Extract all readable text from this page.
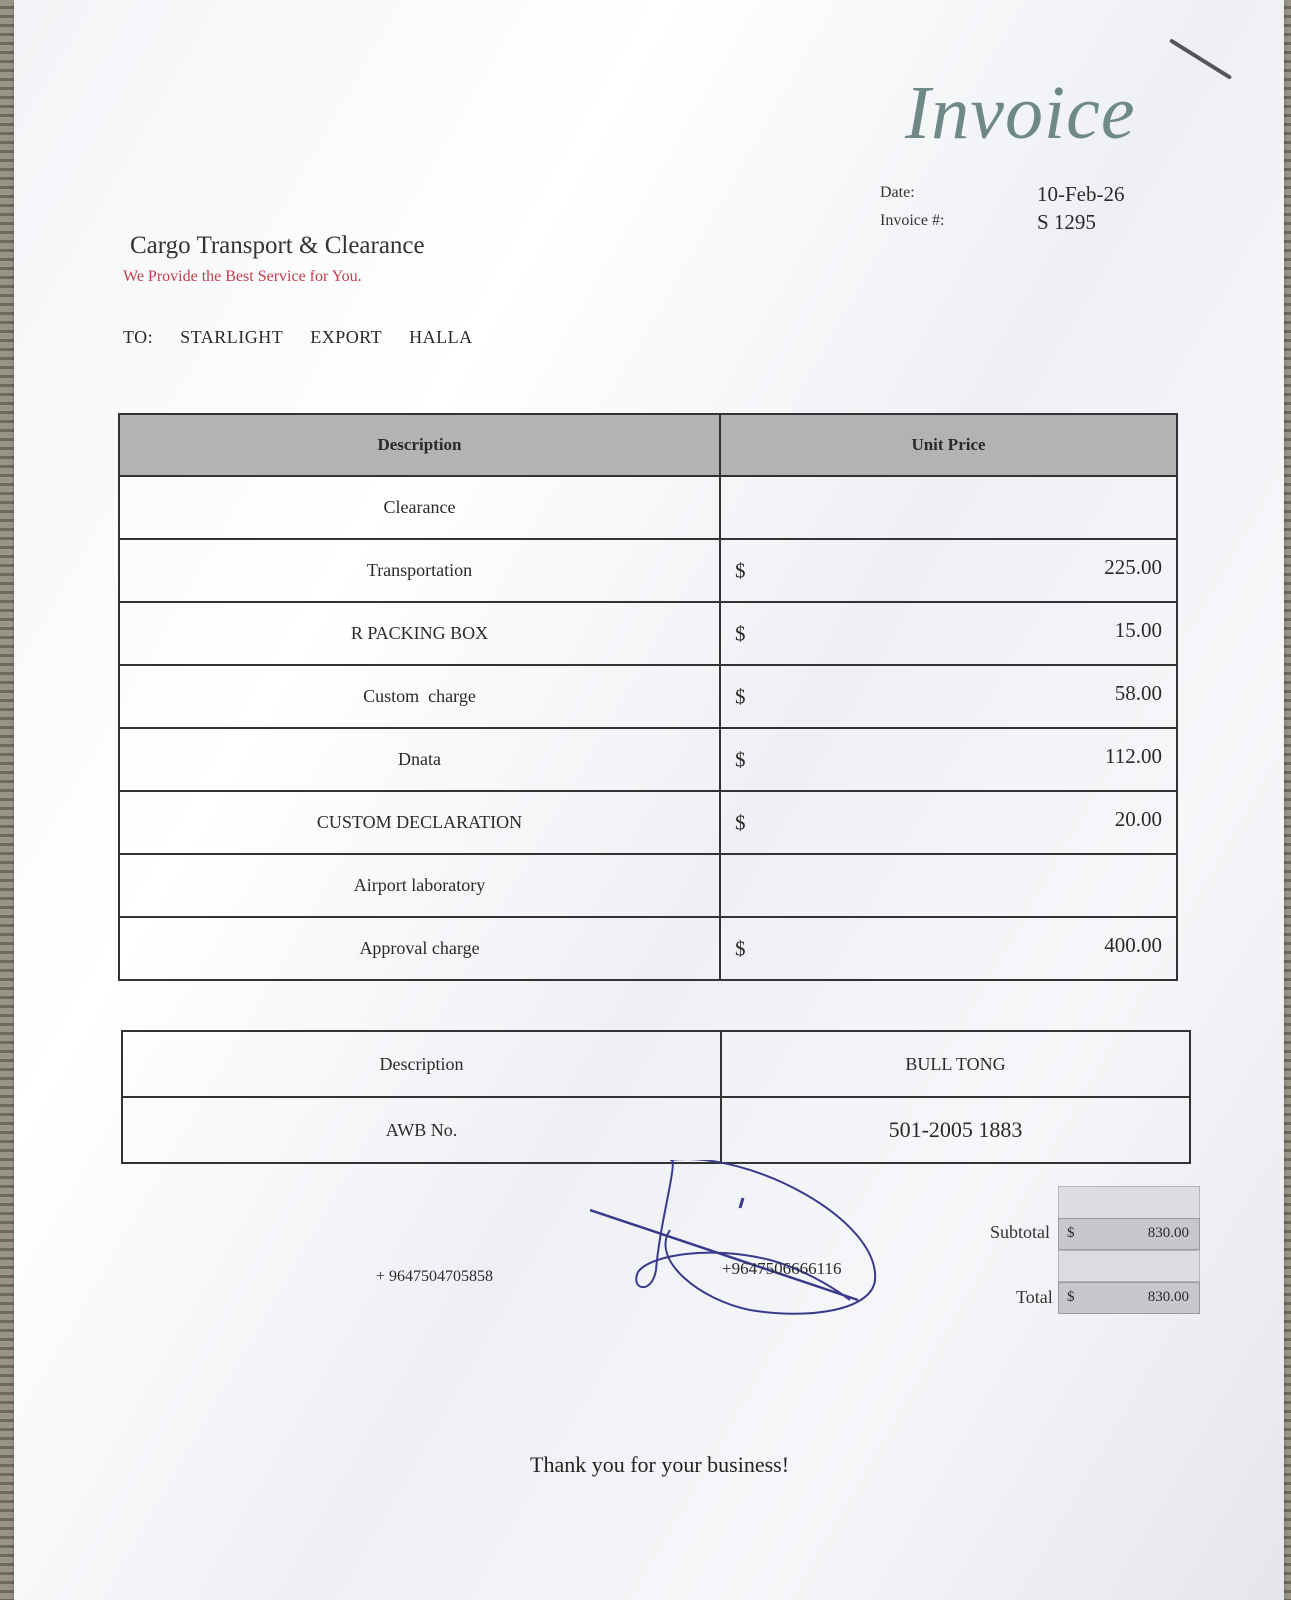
Invoice
Date:	10-Feb-26
Invoice #:	S 1295
Cargo Transport & Clearance
We Provide the Best Service for You.
TO: STARLIGHT EXPORT HALLA
Description	Unit Price
Clearance	

Transportation	$ 225.00

R PACKING BOX	$ 15.00

Custom  charge	$ 58.00

Dnata	$ 112.00

CUSTOM DECLARATION	$ 20.00

Airport laboratory	

Approval charge	$ 400.00
Description	BULL TONG
AWB No.	501-2005 1883
+ 9647504705858	+9647506666116
Subtotal $	830.00
Total $	830.00
Thank you for your business!
